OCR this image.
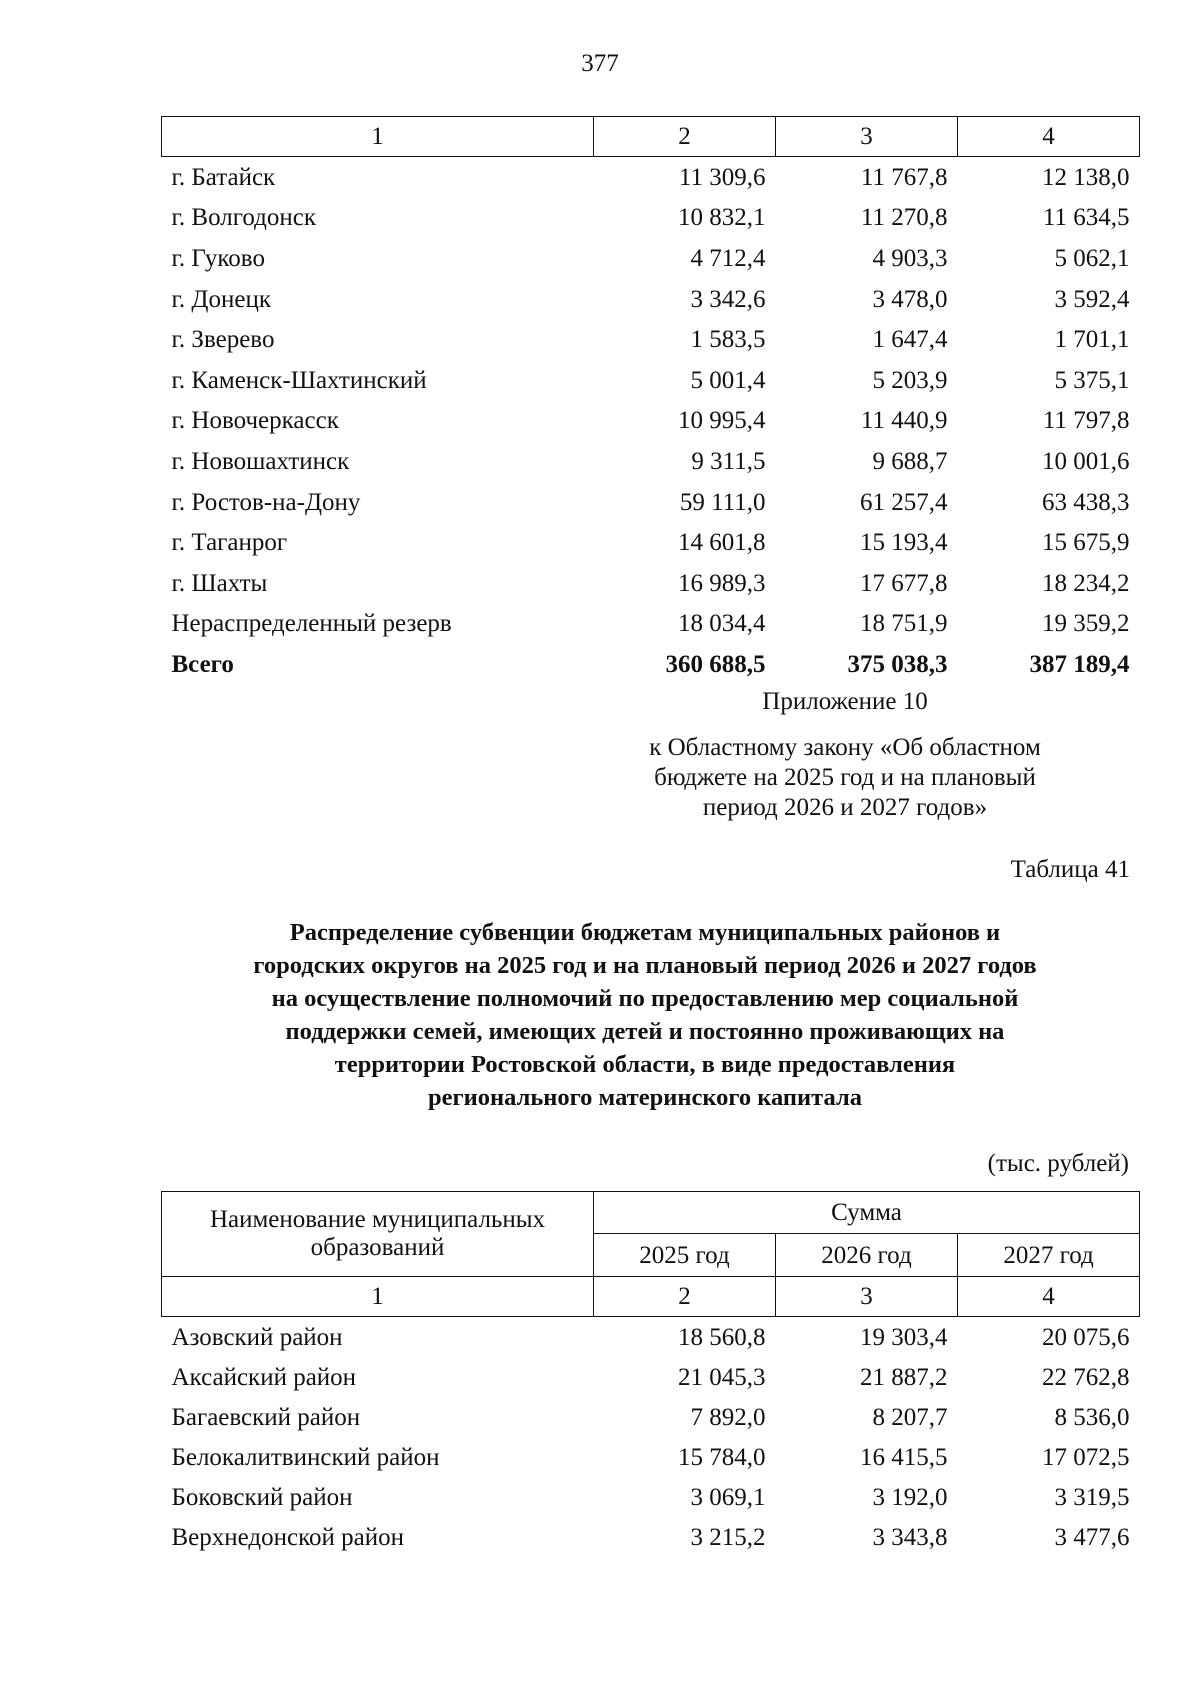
377
1	2	3	4
г. Батайск	11 309,6	11 767,8	12 138,0
г. Волгодонск	10 832,1	11 270,8	11 634,5
г. Гуково	4 712,4	4 903,3	5 062,1
г. Донецк	3 342,6	3 478,0	3 592,4
г. Зверево	1 583,5	1 647,4	1 701,1
г. Каменск-Шахтинский	5 001,4	5 203,9	5 375,1
г. Новочеркасск	10 995,4	11 440,9	11 797,8
г. Новошахтинск	9 311,5	9 688,7	10 001,6
г. Ростов-на-Дону	59 111,0	61 257,4	63 438,3
г. Таганрог	14 601,8	15 193,4	15 675,9
г. Шахты	16 989,3	17 677,8	18 234,2
Нераспределенный резерв	18 034,4	18 751,9	19 359,2
Всего	360 688,5	375 038,3	387 189,4
Приложение 10
к Областному закону «Об областном
бюджете на 2025 год и на плановый
период 2026 и 2027 годов»
Таблица 41
Распределение субвенции бюджетам муниципальных районов и
городских округов на 2025 год и на плановый период 2026 и 2027 годов
на осуществление полномочий по предоставлению мер социальной
поддержки семей, имеющих детей и постоянно проживающих на
территории Ростовской области, в виде предоставления
регионального материнского капитала
(тыс. рублей)
Наименование муниципальных
образований	Сумма		
	2025 год	2026 год	2027 год
1	2	3	4
Азовский район	18 560,8	19 303,4	20 075,6
Аксайский район	21 045,3	21 887,2	22 762,8
Багаевский район	7 892,0	8 207,7	8 536,0
Белокалитвинский район	15 784,0	16 415,5	17 072,5
Боковский район	3 069,1	3 192,0	3 319,5
Верхнедонской район	3 215,2	3 343,8	3 477,6
